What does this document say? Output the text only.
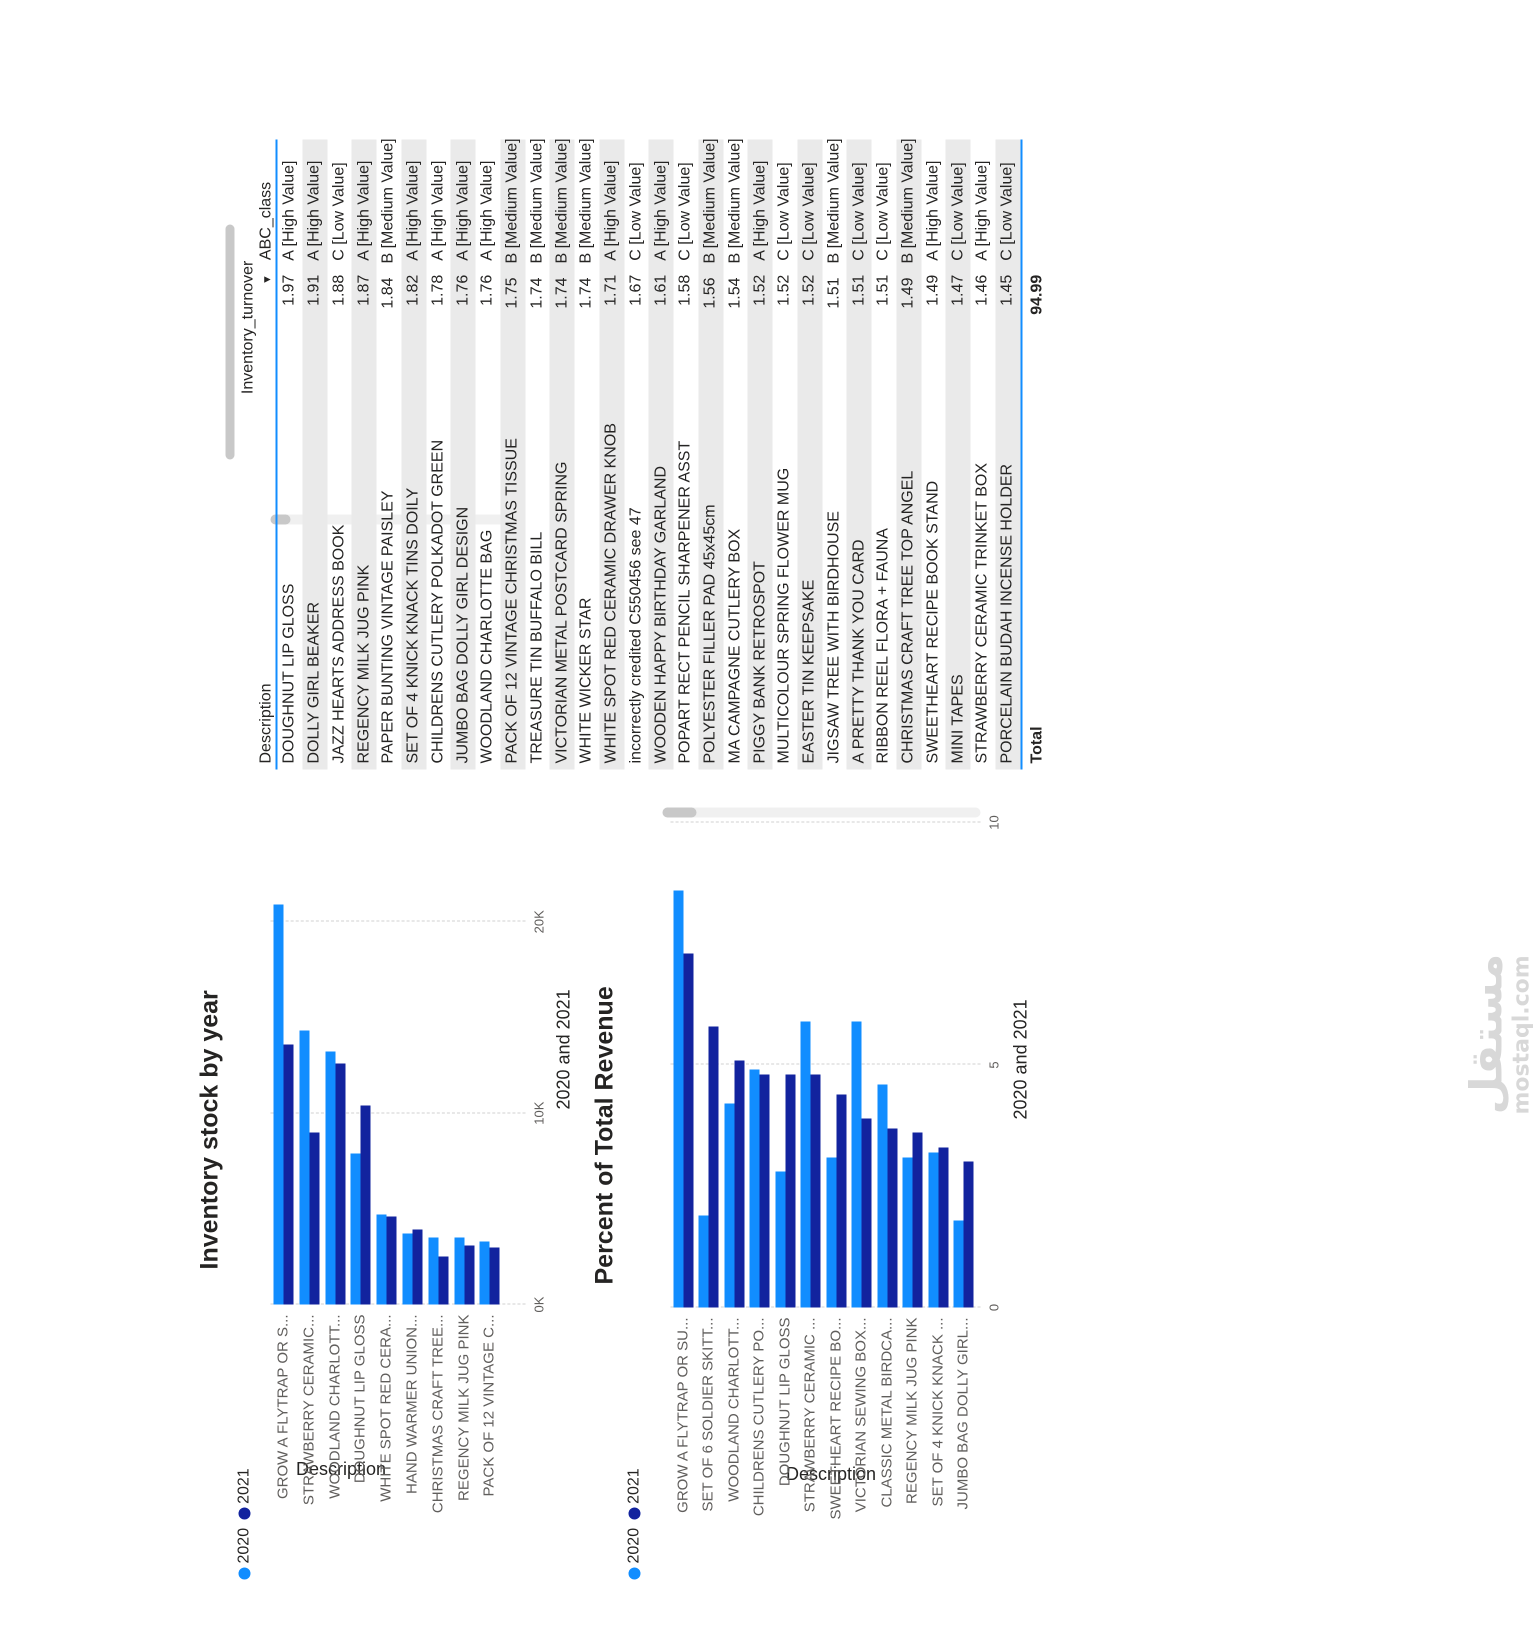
2020
2021
Inventory stock by year
Description
0K
10K
20K
GROW A FLYTRAP OR S... STRAWBERRY CERAMIC... WOODLAND CHARLOTT... DOUGHNUT LIP GLOSS WHITE SPOT RED CERA... HAND WARMER UNION... CHRISTMAS CRAFT TREE... REGENCY MILK JUG PINK PACK OF 12 VINTAGE C...
2020 and 2021
2020
2021
Percent of Total Revenue
Description
0
5
10
GROW A FLYTRAP OR SU... SET OF 6 SOLDIER SKITT... WOODLAND CHARLOTT... CHILDRENS CUTLERY PO... DOUGHNUT LIP GLOSS STRAWBERRY CERAMIC ... SWEETHEART RECIPE BO... VICTORIAN SEWING BOX... CLASSIC METAL BIRDCA... REGENCY MILK JUG PINK SET OF 4 KNICK KNACK ... JUMBO BAG DOLLY GIRL...
2020 and 2021
Description
Inventory_turnover ▼
ABC_class
DOUGHNUT LIP GLOSS
1.97
A [High Value]
DOLLY GIRL BEAKER
1.91
A [High Value]
JAZZ HEARTS ADDRESS BOOK
1.88
C [Low Value]
REGENCY MILK JUG PINK
1.87
A [High Value]
PAPER BUNTING VINTAGE PAISLEY
1.84
B [Medium Value]
SET OF 4 KNICK KNACK TINS DOILY
1.82
A [High Value]
CHILDRENS CUTLERY POLKADOT GREEN
1.78
A [High Value]
JUMBO BAG DOLLY GIRL DESIGN
1.76
A [High Value]
WOODLAND CHARLOTTE BAG
1.76
A [High Value]
PACK OF 12 VINTAGE CHRISTMAS TISSUE
1.75
B [Medium Value]
TREASURE TIN BUFFALO BILL
1.74
B [Medium Value]
VICTORIAN METAL POSTCARD SPRING
1.74
B [Medium Value]
WHITE WICKER STAR
1.74
B [Medium Value]
WHITE SPOT RED CERAMIC DRAWER KNOB
1.71
A [High Value]
incorrectly credited C550456 see 47
1.67
C [Low Value]
WOODEN HAPPY BIRTHDAY GARLAND
1.61
A [High Value]
POPART RECT PENCIL SHARPENER ASST
1.58
C [Low Value]
POLYESTER FILLER PAD 45x45cm
1.56
B [Medium Value]
MA CAMPAGNE CUTLERY BOX
1.54
B [Medium Value]
PIGGY BANK RETROSPOT
1.52
A [High Value]
MULTICOLOUR SPRING FLOWER MUG
1.52
C [Low Value]
EASTER TIN KEEPSAKE
1.52
C [Low Value]
JIGSAW TREE WITH BIRDHOUSE
1.51
B [Medium Value]
A PRETTY THANK YOU CARD
1.51
C [Low Value]
RIBBON REEL FLORA + FAUNA
1.51
C [Low Value]
CHRISTMAS CRAFT TREE TOP ANGEL
1.49
B [Medium Value]
SWEETHEART RECIPE BOOK STAND
1.49
A [High Value]
MINI TAPES
1.47
C [Low Value]
STRAWBERRY CERAMIC TRINKET BOX
1.46
A [High Value]
PORCELAIN BUDAH INCENSE HOLDER
1.45
C [Low Value]
Total
94.99
مستقل
mostaql.com
